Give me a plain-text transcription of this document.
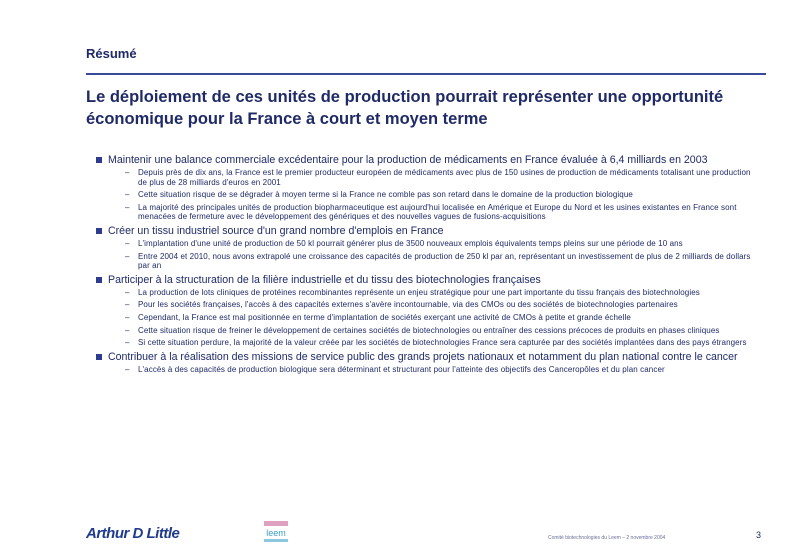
Résumé
Le déploiement de ces unités de production pourrait représenter une opportunité économique pour la France à court et moyen terme
Maintenir une balance commerciale excédentaire pour la production de médicaments en France évaluée à 6,4 milliards en 2003
– Depuis près de dix ans, la France est le premier producteur européen de médicaments avec plus de 150 usines de production de médicaments totalisant une production de plus de 28 milliards d'euros en 2001
– Cette situation risque de se dégrader à moyen terme si la France ne comble pas son retard dans le domaine de la production biologique
– La majorité des principales unités de production biopharmaceutique est aujourd'hui localisée en Amérique et Europe du Nord et les usines existantes en France sont menacées de fermeture avec le développement des génériques et des nouvelles vagues de fusions-acquisitions
Créer un tissu industriel source d'un grand nombre d'emplois en France
– L'implantation d'une unité de production de 50 kl pourrait générer plus de 3500 nouveaux emplois équivalents temps pleins sur une période de 10 ans
– Entre 2004 et 2010, nous avons extrapolé une croissance des capacités de production de 250 kl par an, représentant un investissement de plus de 2 milliards de dollars par an
Participer à la structuration de la filière industrielle et du tissu des biotechnologies françaises
– La production de lots cliniques de protéines recombinantes représente un enjeu stratégique pour une part importante du tissu français des biotechnologies
– Pour les sociétés françaises, l'accès à des capacités externes s'avère incontournable, via des CMOs ou des sociétés de biotechnologies partenaires
– Cependant, la France est mal positionnée en terme d'implantation de sociétés exerçant une activité de CMOs à petite et grande échelle
– Cette situation risque de freiner le développement de certaines sociétés de biotechnologies ou entraîner des cessions précoces de produits en phases cliniques
– Si cette situation perdure, la majorité de la valeur créée par les sociétés de biotechnologies France sera capturée par des sociétés implantées dans des pays étrangers
Contribuer à la réalisation des missions de service public des grands projets nationaux et notamment du plan national contre le cancer
– L'accès à des capacités de production biologique sera déterminant et structurant pour l'atteinte des objectifs des Canceropôles et du plan cancer
Arthur D Little	leem	Comité biotechnologies du Leem – 2 novembre 2004	3
